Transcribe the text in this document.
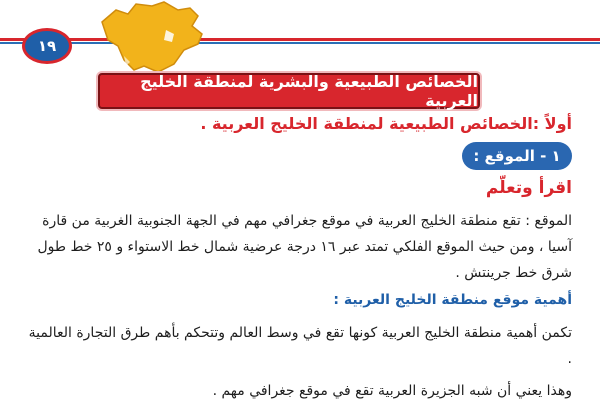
١٩
الخصائص الطبيعية والبشرية لمنطقة الخليج العربية
أولاً :الخصائص الطبيعية لمنطقة الخليج العربية .
١ - الموقع :
اقرأ وتعلّم
الموقع : تقع منطقة الخليج العربية في موقع جغرافي مهم في الجهة الجنوبية الغربية من قارة آسيا ، ومن حيث الموقع الفلكي تمتد عبر ١٦ درجة عرضية شمال خط الاستواء و ٢٥ خط طول شرق خط جرينتش .
أهمية موقع منطقة الخليج العربية :
تكمن أهمية منطقة الخليج العربية كونها تقع في وسط العالم وتتحكم بأهم طرق التجارة العالمية .
وهذا يعني أن شبه الجزيرة العربية تقع في موقع جغرافي مهم .
